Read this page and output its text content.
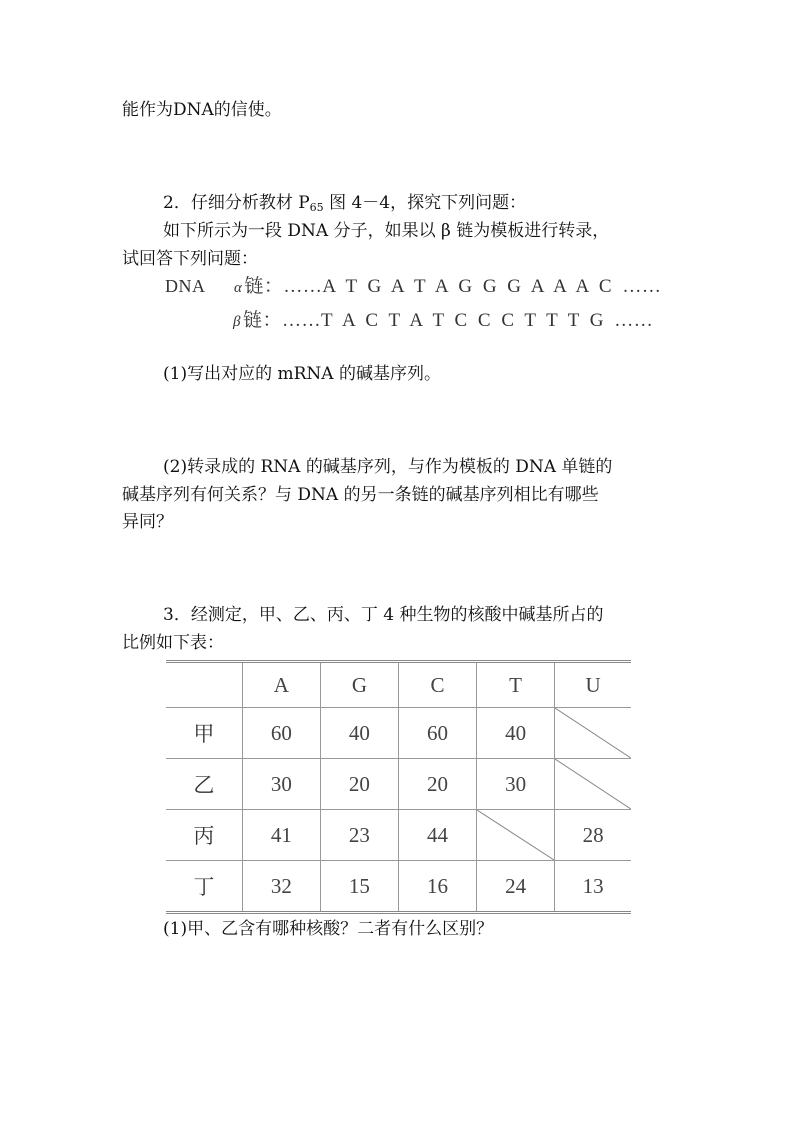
能作为DNA的信使。
2．仔细分析教材 $P_{65}$ 图 4－4，探究下列问题：
如下所示为一段 DNA 分子，如果以 β 链为模板进行转录，
试回答下列问题：
DNA α 链：……A T G A T A G G G A A A C ……
β 链：……T A C T A T C C C T T T G ……
(1)写出对应的 mRNA 的碱基序列。
(2)转录成的 RNA 的碱基序列，与作为模板的 DNA 单链的
碱基序列有何关系？与 DNA 的另一条链的碱基序列相比有哪些
异同？
3．经测定，甲、乙、丙、丁 4 种生物的核酸中碱基所占的
比例如下表：
	A	G	C	T	U
甲	60	40	60	40	

乙	30	20	20	30	

丙	41	23	44		28
丁	32	15	16	24	13
(1)甲、乙含有哪种核酸？二者有什么区别？
